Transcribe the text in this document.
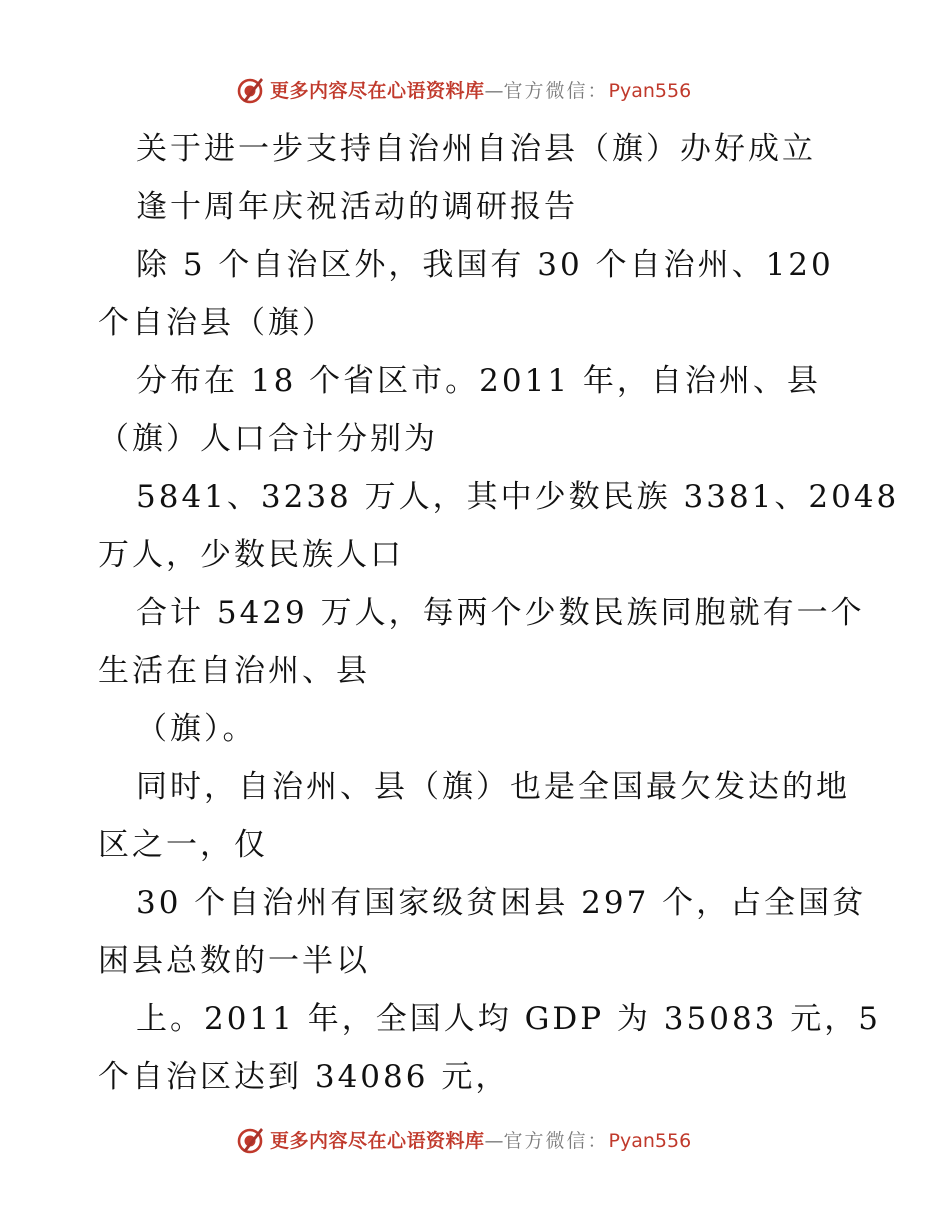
更多内容尽在心语资料库—官方微信：Pyan556
关于进一步支持自治州自治县（旗）办好成立
逢十周年庆祝活动的调研报告
除 5 个自治区外，我国有 30 个自治州、120
个自治县（旗）
分布在 18 个省区市。2011 年，自治州、县
（旗）人口合计分别为
5841、3238 万人，其中少数民族 3381、2048
万人，少数民族人口
合计 5429 万人，每两个少数民族同胞就有一个
生活在自治州、县
（旗）。
同时，自治州、县（旗）也是全国最欠发达的地
区之一，仅
30 个自治州有国家级贫困县 297 个，占全国贫
困县总数的一半以
上。2011 年，全国人均 GDP 为 35083 元，5
个自治区达到 34086 元，
更多内容尽在心语资料库—官方微信：Pyan556
